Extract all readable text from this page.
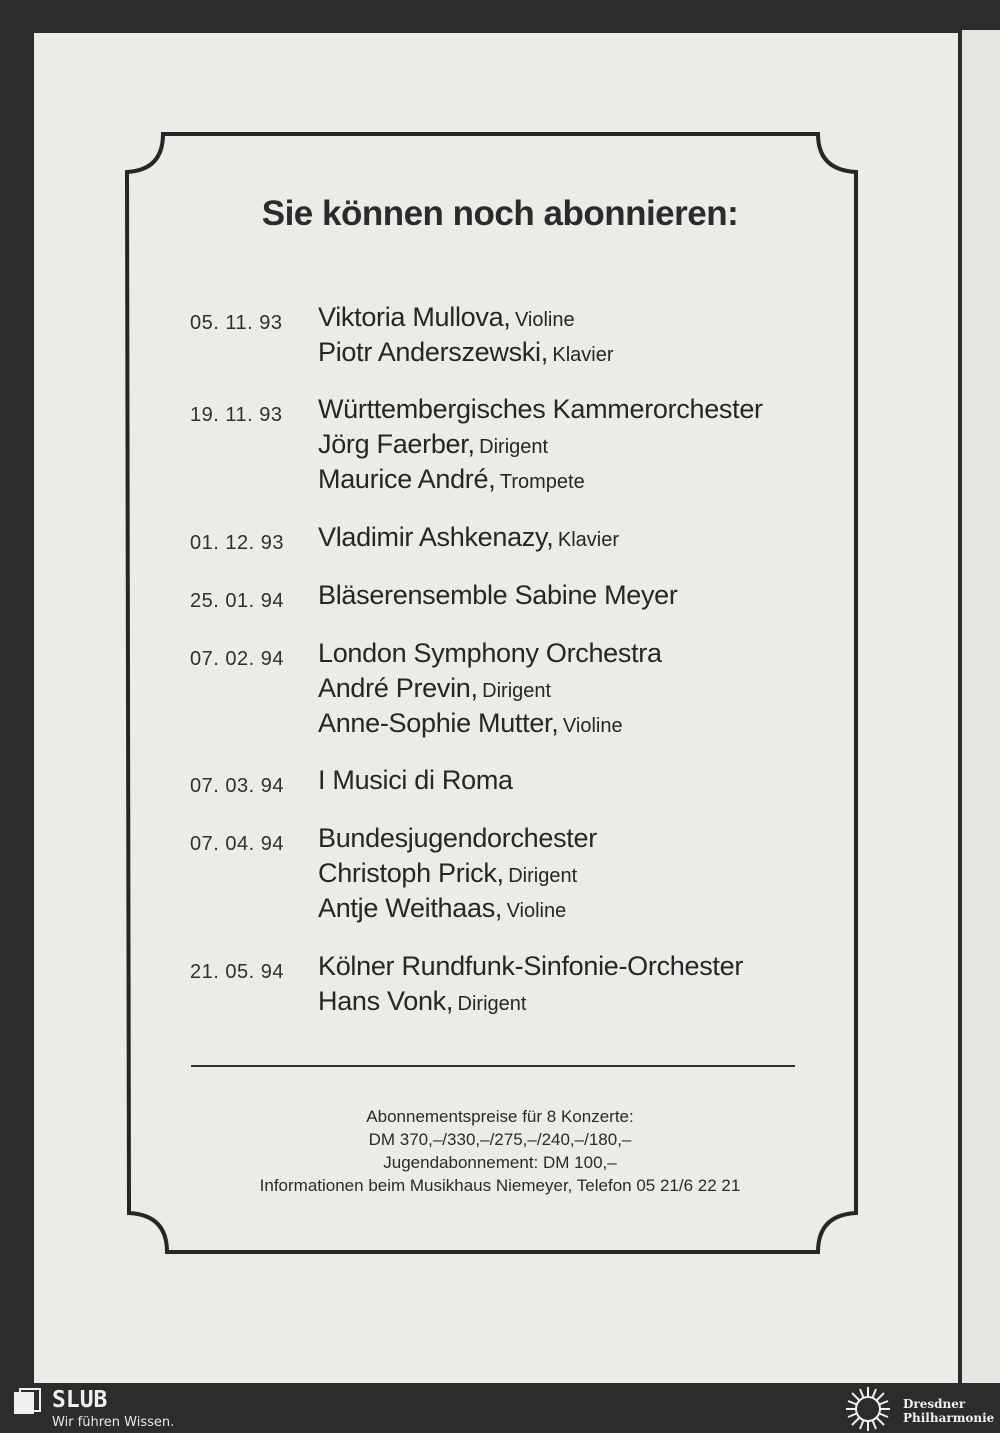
Sie können noch abonnieren:
05. 11. 93	Viktoria Mullova, Violine
Piotr Anderszewski, Klavier
19. 11. 93	Württembergisches Kammerorchester
Jörg Faerber, Dirigent
Maurice André, Trompete
01. 12. 93	Vladimir Ashkenazy, Klavier
25. 01. 94	Bläserensemble Sabine Meyer
07. 02. 94	London Symphony Orchestra
André Previn, Dirigent
Anne-Sophie Mutter, Violine
07. 03. 94	I Musici di Roma
07. 04. 94	Bundesjugendorchester
Christoph Prick, Dirigent
Antje Weithaas, Violine
21. 05. 94	Kölner Rundfunk-Sinfonie-Orchester
Hans Vonk, Dirigent
Abonnementspreise für 8 Konzerte:
DM 370,–/330,–/275,–/240,–/180,–
Jugendabonnement: DM 100,–
Informationen beim Musikhaus Niemeyer, Telefon 05 21/6 22 21
SLUB
Wir führen Wissen.
Dresdner
Philharmonie
